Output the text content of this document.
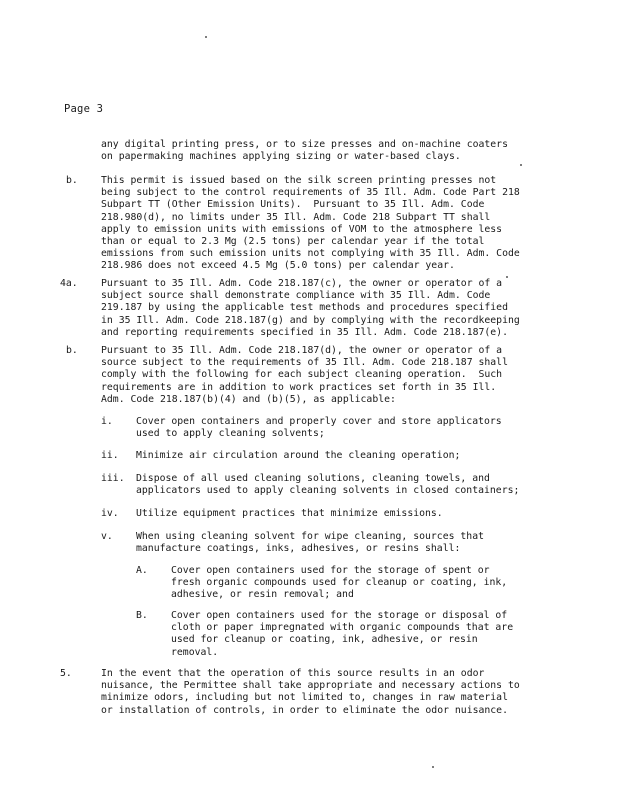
Page 3
any digital printing press, or to size presses and on-machine coaters
on papermaking machines applying sizing or water-based clays.
b. This permit is issued based on the silk screen printing presses not
being subject to the control requirements of 35 Ill. Adm. Code Part 218
Subpart TT (Other Emission Units).  Pursuant to 35 Ill. Adm. Code
218.980(d), no limits under 35 Ill. Adm. Code 218 Subpart TT shall
apply to emission units with emissions of VOM to the atmosphere less
than or equal to 2.3 Mg (2.5 tons) per calendar year if the total
emissions from such emission units not complying with 35 Ill. Adm. Code
218.986 does not exceed 4.5 Mg (5.0 tons) per calendar year.
4a. Pursuant to 35 Ill. Adm. Code 218.187(c), the owner or operator of a
subject source shall demonstrate compliance with 35 Ill. Adm. Code
219.187 by using the applicable test methods and procedures specified
in 35 Ill. Adm. Code 218.187(g) and by complying with the recordkeeping
and reporting requirements specified in 35 Ill. Adm. Code 218.187(e).
b. Pursuant to 35 Ill. Adm. Code 218.187(d), the owner or operator of a
source subject to the requirements of 35 Ill. Adm. Code 218.187 shall
comply with the following for each subject cleaning operation.  Such
requirements are in addition to work practices set forth in 35 Ill.
Adm. Code 218.187(b)(4) and (b)(5), as applicable:
i. Cover open containers and properly cover and store applicators
used to apply cleaning solvents;
ii. Minimize air circulation around the cleaning operation;
iii. Dispose of all used cleaning solutions, cleaning towels, and
applicators used to apply cleaning solvents in closed containers;
iv. Utilize equipment practices that minimize emissions.
v. When using cleaning solvent for wipe cleaning, sources that
manufacture coatings, inks, adhesives, or resins shall:
A. Cover open containers used for the storage of spent or
fresh organic compounds used for cleanup or coating, ink,
adhesive, or resin removal; and
B. Cover open containers used for the storage or disposal of
cloth or paper impregnated with organic compounds that are
used for cleanup or coating, ink, adhesive, or resin
removal.
5.	In the event that the operation of this source results in an odor
nuisance, the Permittee shall take appropriate and necessary actions to
minimize odors, including but not limited to, changes in raw material
or installation of controls, in order to eliminate the odor nuisance.
